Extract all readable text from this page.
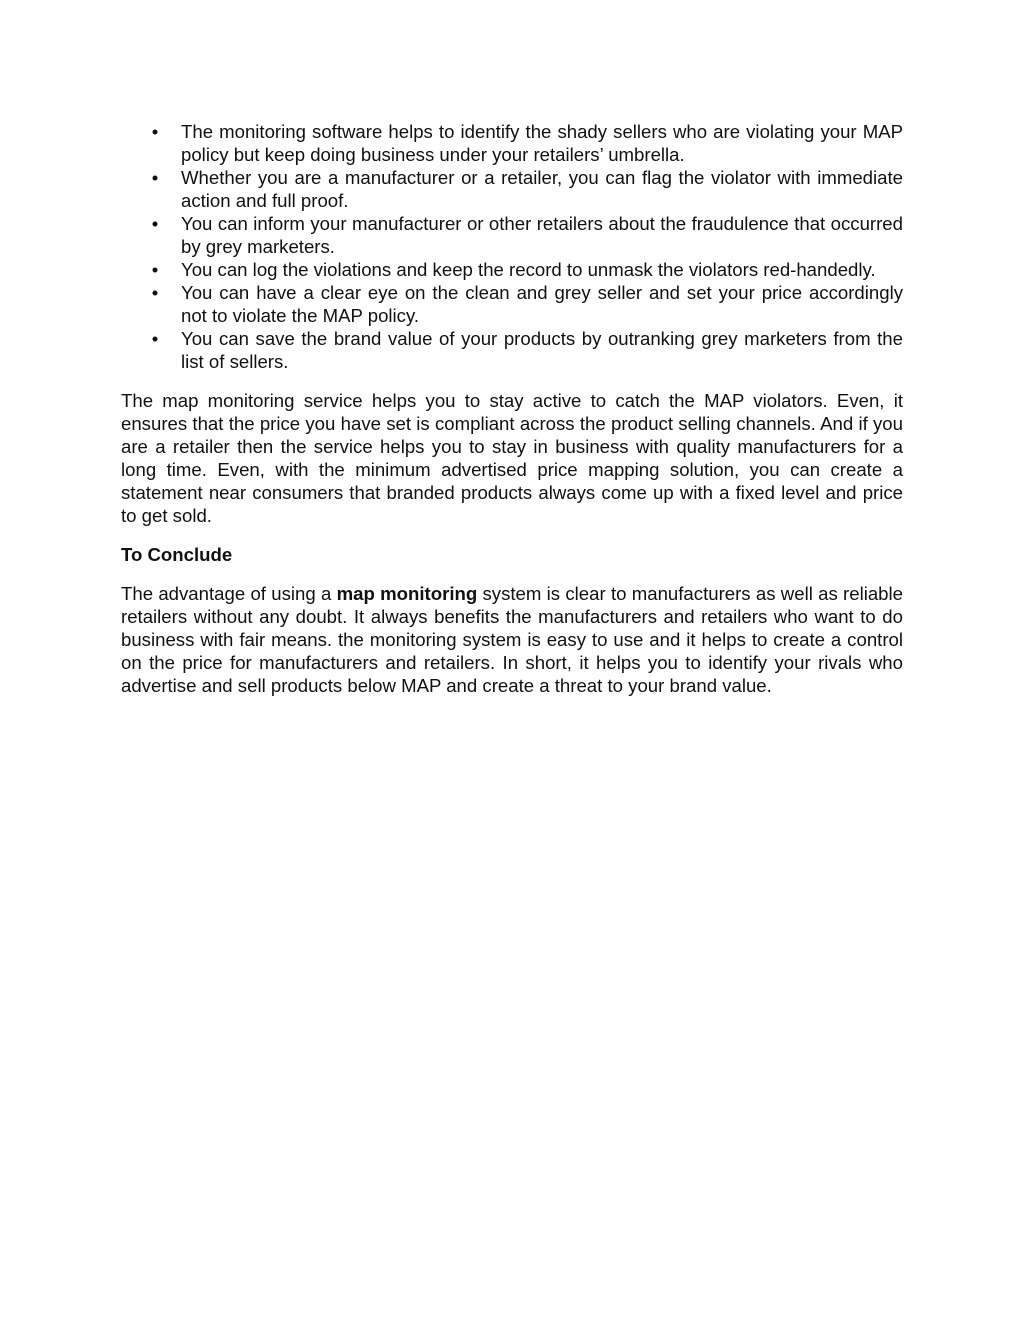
• The monitoring software helps to identify the shady sellers who are violating your MAP policy but keep doing business under your retailers’ umbrella.
• Whether you are a manufacturer or a retailer, you can flag the violator with immediate action and full proof.
• You can inform your manufacturer or other retailers about the fraudulence that occurred by grey marketers.
• You can log the violations and keep the record to unmask the violators red-handedly.
• You can have a clear eye on the clean and grey seller and set your price accordingly not to violate the MAP policy.
• You can save the brand value of your products by outranking grey marketers from the list of sellers.

The map monitoring service helps you to stay active to catch the MAP violators. Even, it ensures that the price you have set is compliant across the product selling channels. And if you are a retailer then the service helps you to stay in business with quality manufacturers for a long time. Even, with the minimum advertised price mapping solution, you can create a statement near consumers that branded products always come up with a fixed level and price to get sold.

To Conclude

The advantage of using a map monitoring system is clear to manufacturers as well as reliable retailers without any doubt. It always benefits the manufacturers and retailers who want to do business with fair means. the monitoring system is easy to use and it helps to create a control on the price for manufacturers and retailers. In short, it helps you to identify your rivals who advertise and sell products below MAP and create a threat to your brand value.
